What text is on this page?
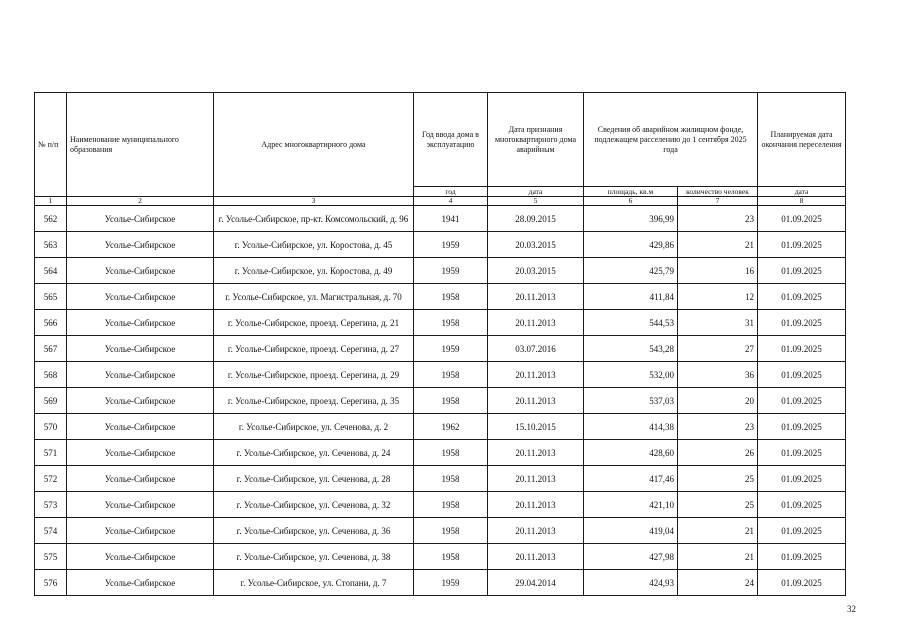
№ п/п	Наименование муниципального образования	Адрес многоквартирного дома	Год ввода дома в эксплуатацию	Дата признания многоквартирного дома аварийным	Сведения об аварийном жилищном фонде, подлежащем расселению до 1 сентября 2025 года		Планируемая дата окончания переселения
			год	дата	площадь, кв.м	количество человек	дата
1	2	3	4	5	6	7	8
562	Усолье-Сибирское	г. Усолье-Сибирское, пр-кт. Комсомольский, д. 96	1941	28.09.2015	396,99	23	01.09.2025
563	Усолье-Сибирское	г. Усолье-Сибирское, ул. Коростова, д. 45	1959	20.03.2015	429,86	21	01.09.2025
564	Усолье-Сибирское	г. Усолье-Сибирское, ул. Коростова, д. 49	1959	20.03.2015	425,79	16	01.09.2025
565	Усолье-Сибирское	г. Усолье-Сибирское, ул. Магистральная, д. 70	1958	20.11.2013	411,84	12	01.09.2025
566	Усолье-Сибирское	г. Усолье-Сибирское, проезд. Серегина, д. 21	1958	20.11.2013	544,53	31	01.09.2025
567	Усолье-Сибирское	г. Усолье-Сибирское, проезд. Серегина, д. 27	1959	03.07.2016	543,28	27	01.09.2025
568	Усолье-Сибирское	г. Усолье-Сибирское, проезд. Серегина, д. 29	1958	20.11.2013	532,00	36	01.09.2025
569	Усолье-Сибирское	г. Усолье-Сибирское, проезд. Серегина, д. 35	1958	20.11.2013	537,03	20	01.09.2025
570	Усолье-Сибирское	г. Усолье-Сибирское, ул. Сеченова, д. 2	1962	15.10.2015	414,38	23	01.09.2025
571	Усолье-Сибирское	г. Усолье-Сибирское, ул. Сеченова, д. 24	1958	20.11.2013	428,60	26	01.09.2025
572	Усолье-Сибирское	г. Усолье-Сибирское, ул. Сеченова, д. 28	1958	20.11.2013	417,46	25	01.09.2025
573	Усолье-Сибирское	г. Усолье-Сибирское, ул. Сеченова, д. 32	1958	20.11.2013	421,10	25	01.09.2025
574	Усолье-Сибирское	г. Усолье-Сибирское, ул. Сеченова, д. 36	1958	20.11.2013	419,04	21	01.09.2025
575	Усолье-Сибирское	г. Усолье-Сибирское, ул. Сеченова, д. 38	1958	20.11.2013	427,98	21	01.09.2025
576	Усолье-Сибирское	г. Усолье-Сибирское, ул. Стопани, д. 7	1959	29.04.2014	424,93	24	01.09.2025
32
